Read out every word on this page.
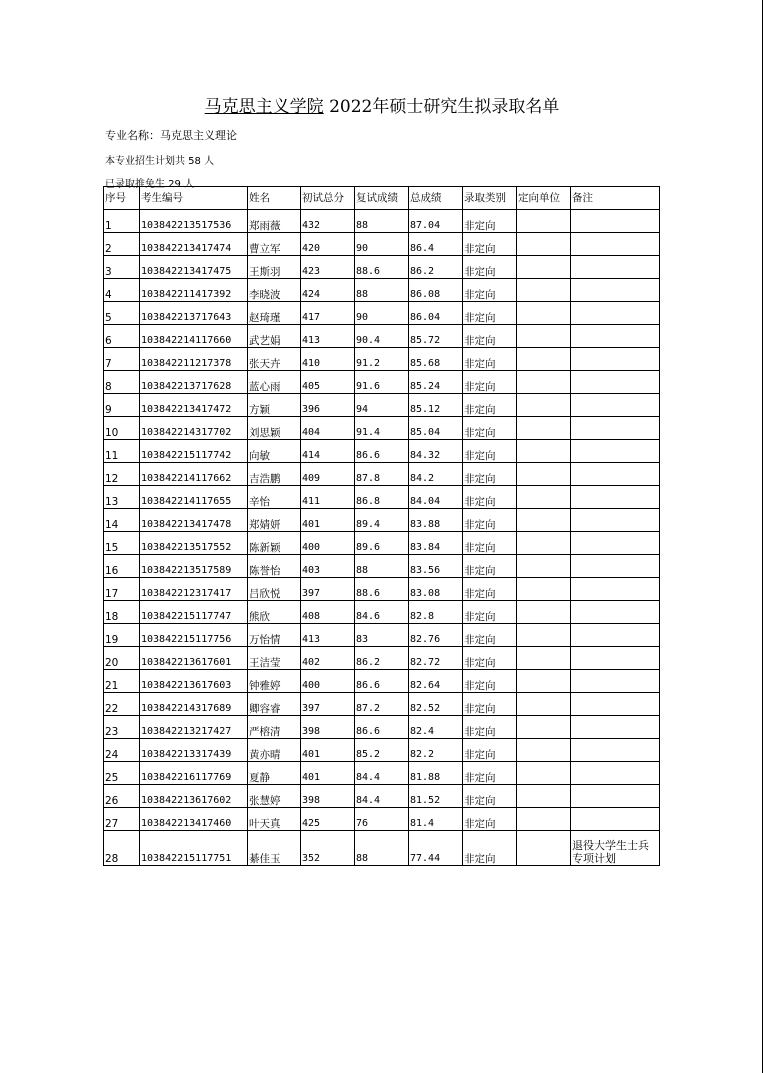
马克思主义学院 2022年硕士研究生拟录取名单
专业名称：马克思主义理论
本专业招生计划共 58 人
已录取推免生 29 人
序号	考生编号	姓名	初试总分	复试成绩	总成绩	录取类别	定向单位	备注
1	103842213517536	郑雨薇	432	88	87.04	非定向		
2	103842213417474	曹立军	420	90	86.4	非定向		
3	103842213417475	王斯羽	423	88.6	86.2	非定向		
4	103842211417392	李晓波	424	88	86.08	非定向		
5	103842213717643	赵琦瑾	417	90	86.04	非定向		
6	103842214117660	武艺娟	413	90.4	85.72	非定向		
7	103842211217378	张天卉	410	91.2	85.68	非定向		
8	103842213717628	蓝心雨	405	91.6	85.24	非定向		
9	103842213417472	方颖	396	94	85.12	非定向		
10	103842214317702	刘思颖	404	91.4	85.04	非定向		
11	103842215117742	向敏	414	86.6	84.32	非定向		
12	103842214117662	吉浩鹏	409	87.8	84.2	非定向		
13	103842214117655	辛怡	411	86.8	84.04	非定向		
14	103842213417478	郑婧妍	401	89.4	83.88	非定向		
15	103842213517552	陈新颖	400	89.6	83.84	非定向		
16	103842213517589	陈誉怡	403	88	83.56	非定向		
17	103842212317417	吕欣悦	397	88.6	83.08	非定向		
18	103842215117747	熊欣	408	84.6	82.8	非定向		
19	103842215117756	万怡情	413	83	82.76	非定向		
20	103842213617601	王洁莹	402	86.2	82.72	非定向		
21	103842213617603	钟雅婷	400	86.6	82.64	非定向		
22	103842214317689	卿容睿	397	87.2	82.52	非定向		
23	103842213217427	严榕清	398	86.6	82.4	非定向		
24	103842213317439	黄亦晴	401	85.2	82.2	非定向		
25	103842216117769	夏静	401	84.4	81.88	非定向		
26	103842213617602	张慧婷	398	84.4	81.52	非定向		
27	103842213417460	叶天真	425	76	81.4	非定向		
28	103842215117751	綦佳玉	352	88	77.44	非定向		退役大学生士兵专项计划
